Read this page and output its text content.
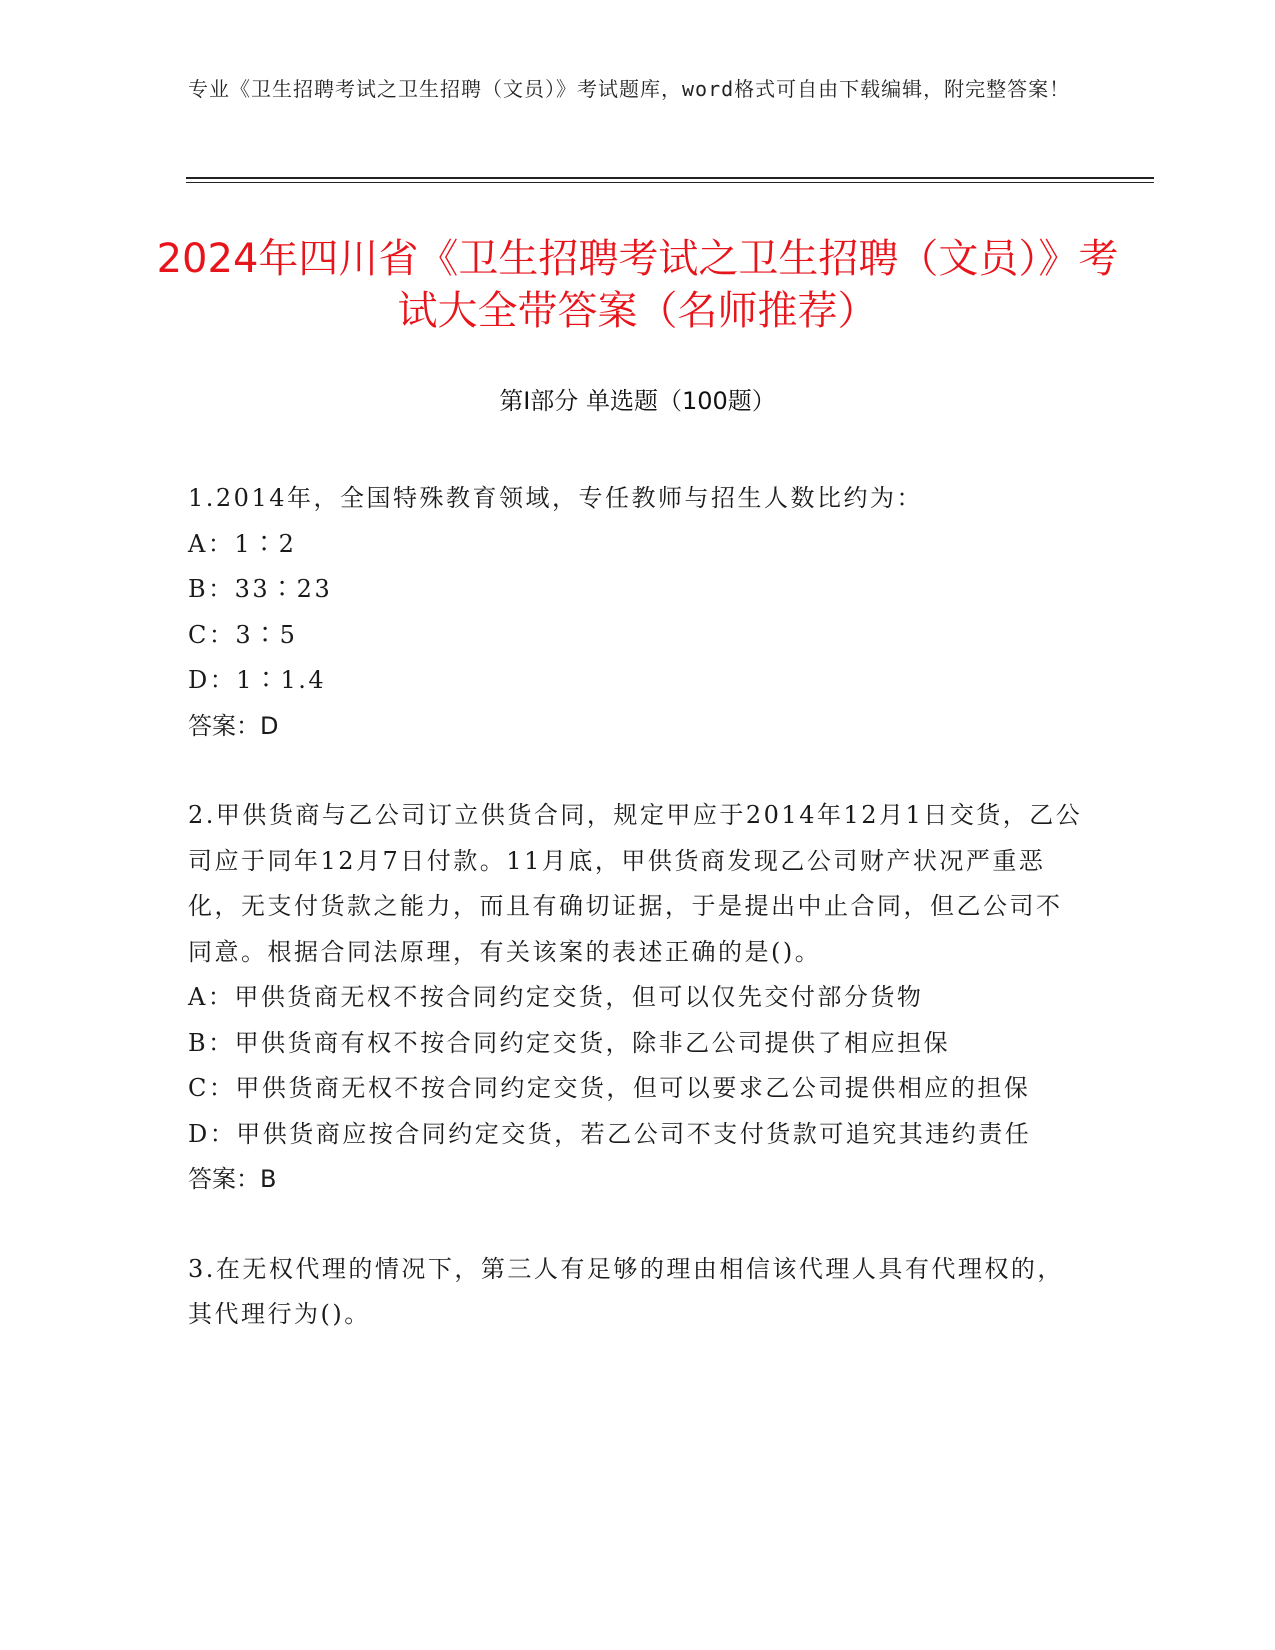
专业《卫生招聘考试之卫生招聘（文员）》考试题库，word格式可自由下载编辑，附完整答案！
2024年四川省《卫生招聘考试之卫生招聘（文员）》考试大全带答案（名师推荐）
第Ⅰ部分 单选题（100题）

1.2014年，全国特殊教育领域，专任教师与招生人数比约为：

A：1∶2

B：33∶23

C：3∶5

D：1∶1.4

答案：D

2.甲供货商与乙公司订立供货合同，规定甲应于2014年12月1日交货，乙公司应于同年12月7日付款。11月底，甲供货商发现乙公司财产状况严重恶化，无支付货款之能力，而且有确切证据，于是提出中止合同，但乙公司不同意。根据合同法原理，有关该案的表述正确的是()。

A：甲供货商无权不按合同约定交货，但可以仅先交付部分货物

B：甲供货商有权不按合同约定交货，除非乙公司提供了相应担保

C：甲供货商无权不按合同约定交货，但可以要求乙公司提供相应的担保

D：甲供货商应按合同约定交货，若乙公司不支付货款可追究其违约责任

答案：B

3.在无权代理的情况下，第三人有足够的理由相信该代理人具有代理权的，其代理行为()。
